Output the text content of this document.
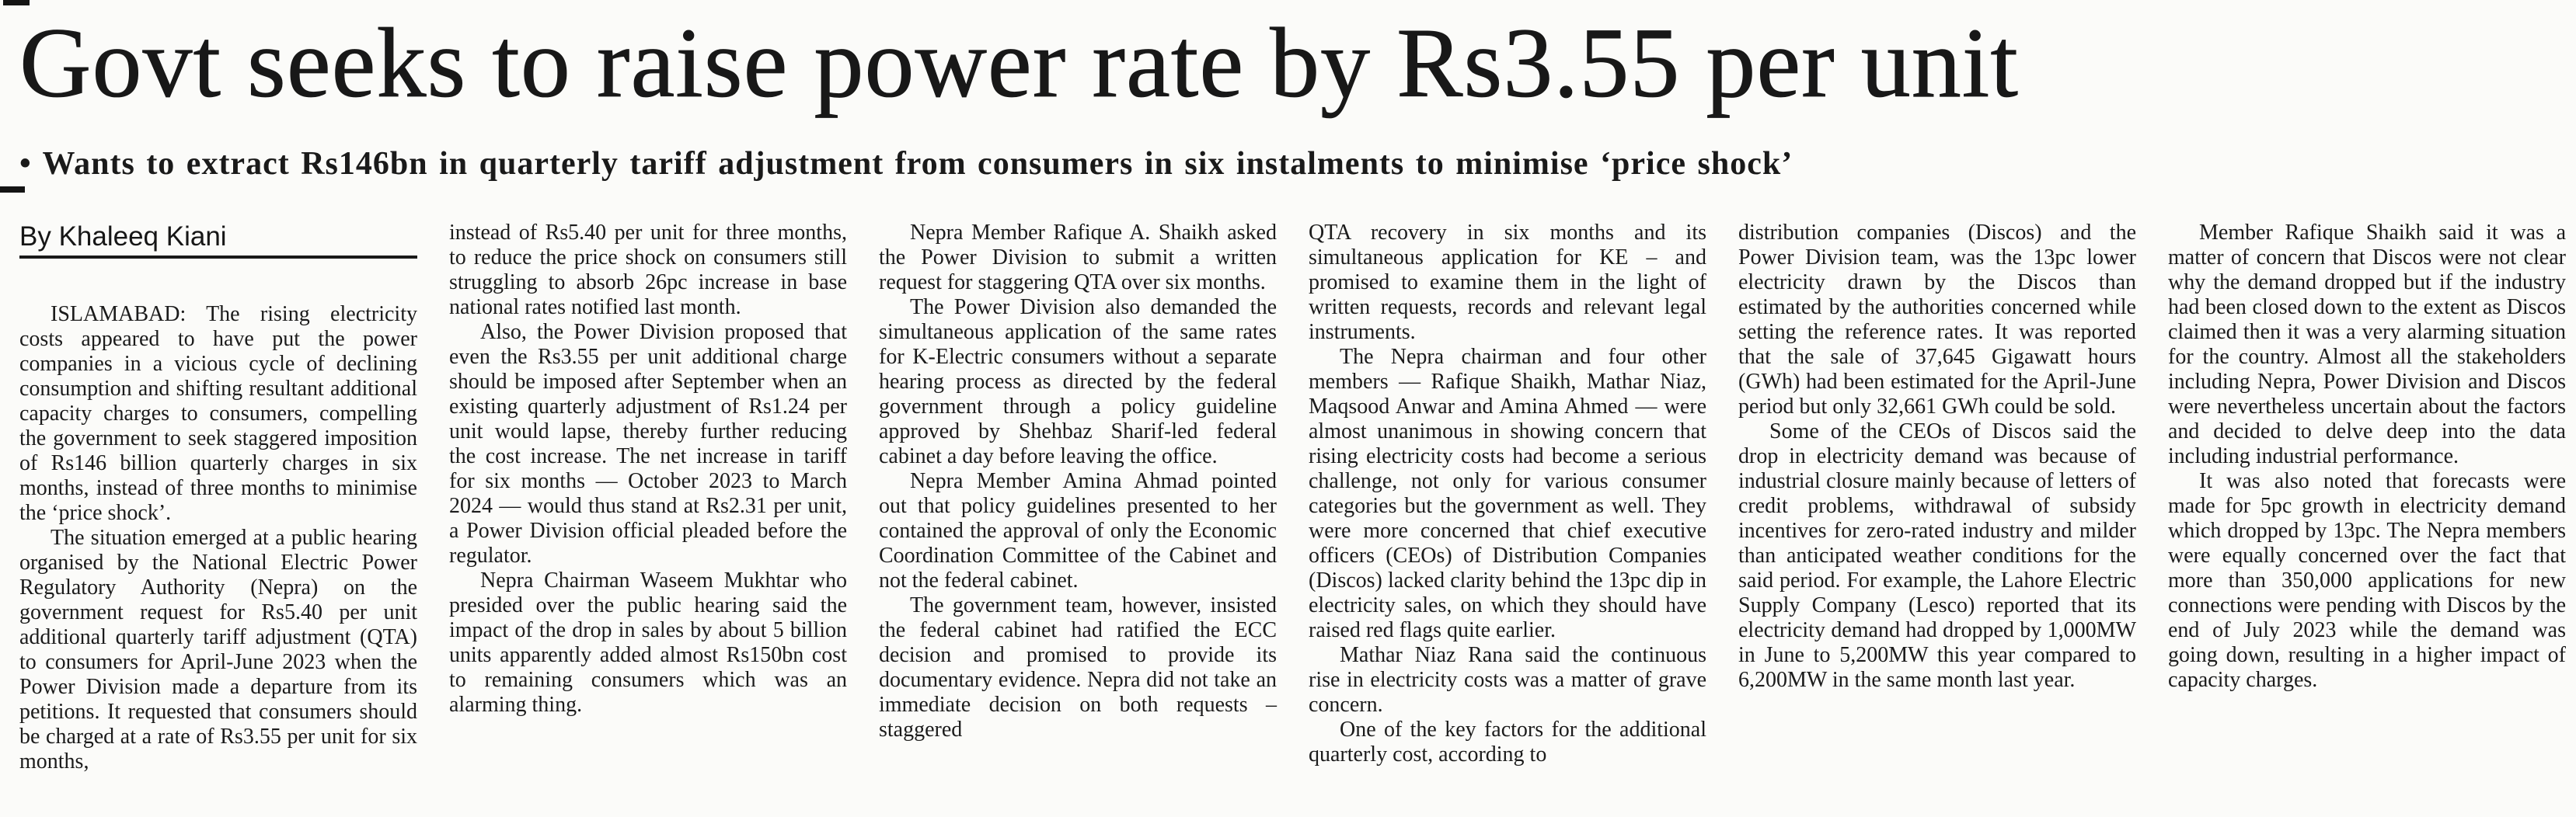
Govt seeks to raise power rate by Rs3.55 per unit
• Wants to extract Rs146bn in quarterly tariff adjustment from consumers in six instalments to minimise ‘price shock’
By Khaleeq Kiani

ISLAMABAD: The rising electricity costs appeared to have put the power companies in a vicious cycle of declining consumption and shifting resultant additional capacity charges to consumers, compelling the government to seek staggered imposition of Rs146 billion quarterly charges in six months, instead of three months to minimise the ‘price shock’.

The situation emerged at a public hearing organised by the National Electric Power Regulatory Authority (Nepra) on the government request for Rs5.40 per unit additional quarterly tariff adjustment (QTA) to consumers for April-June 2023 when the Power Division made a departure from its petitions. It requested that consumers should be charged at a rate of Rs3.55 per unit for six months,

instead of Rs5.40 per unit for three months, to reduce the price shock on consumers still struggling to absorb 26pc increase in base national rates notified last month.

Also, the Power Division proposed that even the Rs3.55 per unit additional charge should be imposed after September when an existing quarterly adjustment of Rs1.24 per unit would lapse, thereby further reducing the cost increase. The net increase in tariff for six months — October 2023 to March 2024 — would thus stand at Rs2.31 per unit, a Power Division official pleaded before the regulator.

Nepra Chairman Waseem Mukhtar who presided over the public hearing said the impact of the drop in sales by about 5 billion units apparently added almost Rs150bn cost to remaining consumers which was an alarming thing.

Nepra Member Rafique A. Shaikh asked the Power Division to submit a written request for staggering QTA over six months.

The Power Division also demanded the simultaneous application of the same rates for K-Electric consumers without a separate hearing process as directed by the federal government through a policy guideline approved by Shehbaz Sharif-led federal cabinet a day before leaving the office.

Nepra Member Amina Ahmad pointed out that policy guidelines presented to her contained the approval of only the Economic Coordination Committee of the Cabinet and not the federal cabinet.

The government team, however, insisted the federal cabinet had ratified the ECC decision and promised to provide its documentary evidence. Nepra did not take an immediate decision on both requests – staggered

QTA recovery in six months and its simultaneous application for KE – and promised to examine them in the light of written requests, records and relevant legal instruments.

The Nepra chairman and four other members — Rafique Shaikh, Mathar Niaz, Maqsood Anwar and Amina Ahmed — were almost unanimous in showing concern that rising electricity costs had become a serious challenge, not only for various consumer categories but the government as well. They were more concerned that chief executive officers (CEOs) of Distribution Companies (Discos) lacked clarity behind the 13pc dip in electricity sales, on which they should have raised red flags quite earlier.

Mathar Niaz Rana said the continuous rise in electricity costs was a matter of grave concern.

One of the key factors for the additional quarterly cost, according to

distribution companies (Discos) and the Power Division team, was the 13pc lower electricity drawn by the Discos than estimated by the authorities concerned while setting the reference rates. It was reported that the sale of 37,645 Gigawatt hours (GWh) had been estimated for the April-June period but only 32,661 GWh could be sold.

Some of the CEOs of Discos said the drop in electricity demand was because of industrial closure mainly because of letters of credit problems, withdrawal of subsidy incentives for zero-rated industry and milder than anticipated weather conditions for the said period. For example, the Lahore Electric Supply Company (Lesco) reported that its electricity demand had dropped by 1,000MW in June to 5,200MW this year compared to 6,200MW in the same month last year.

Member Rafique Shaikh said it was a matter of concern that Discos were not clear why the demand dropped but if the industry had been closed down to the extent as Discos claimed then it was a very alarming situation for the country. Almost all the stakeholders including Nepra, Power Division and Discos were nevertheless uncertain about the factors and decided to delve deep into the data including industrial performance.

It was also noted that forecasts were made for 5pc growth in electricity demand which dropped by 13pc. The Nepra members were equally concerned over the fact that more than 350,000 applications for new connections were pending with Discos by the end of July 2023 while the demand was going down, resulting in a higher impact of capacity charges.
